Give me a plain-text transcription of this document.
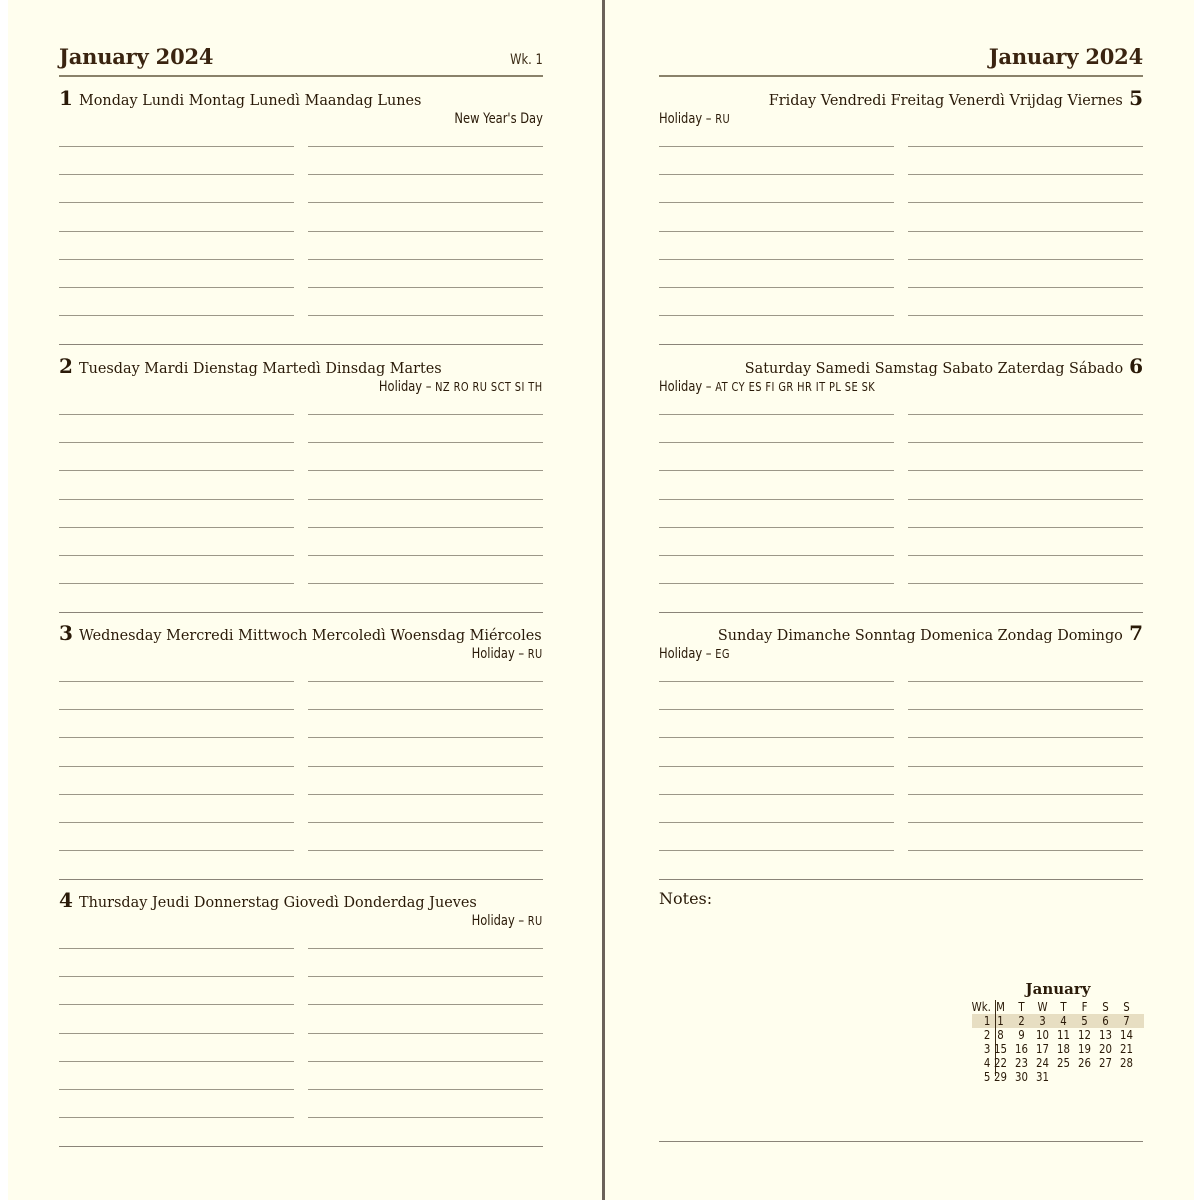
January 2024	Wk. 1	January 2024
1 Monday Lundi Montag Lunedì Maandag Lunes
New Year's Day
2 Tuesday Mardi Dienstag Martedì Dinsdag Martes
Holiday – NZ RO RU SCT SI TH
3 Wednesday Mercredi Mittwoch Mercoledì Woensdag Miércoles
Holiday – RU
4 Thursday Jeudi Donnerstag Giovedì Donderdag Jueves
Holiday – RU
5
Friday Vendredi Freitag Venerdì Vrijdag Viernes
Holiday – RU
6
Saturday Samedi Samstag Sabato Zaterdag Sábado
Holiday – AT CY ES FI GR HR IT PL SE SK
7
Sunday Dimanche Sonntag Domenica Zondag Domingo
Holiday – EG
Notes:
January
Wk. M	T	W	T	F	S	S
1 1	2	3	4	5	6	7
2 8	9 10 11 12 13 14
3 15 16 17 18 19 20 21
4 22 23 24 25 26 27 28
5 29 30 31
